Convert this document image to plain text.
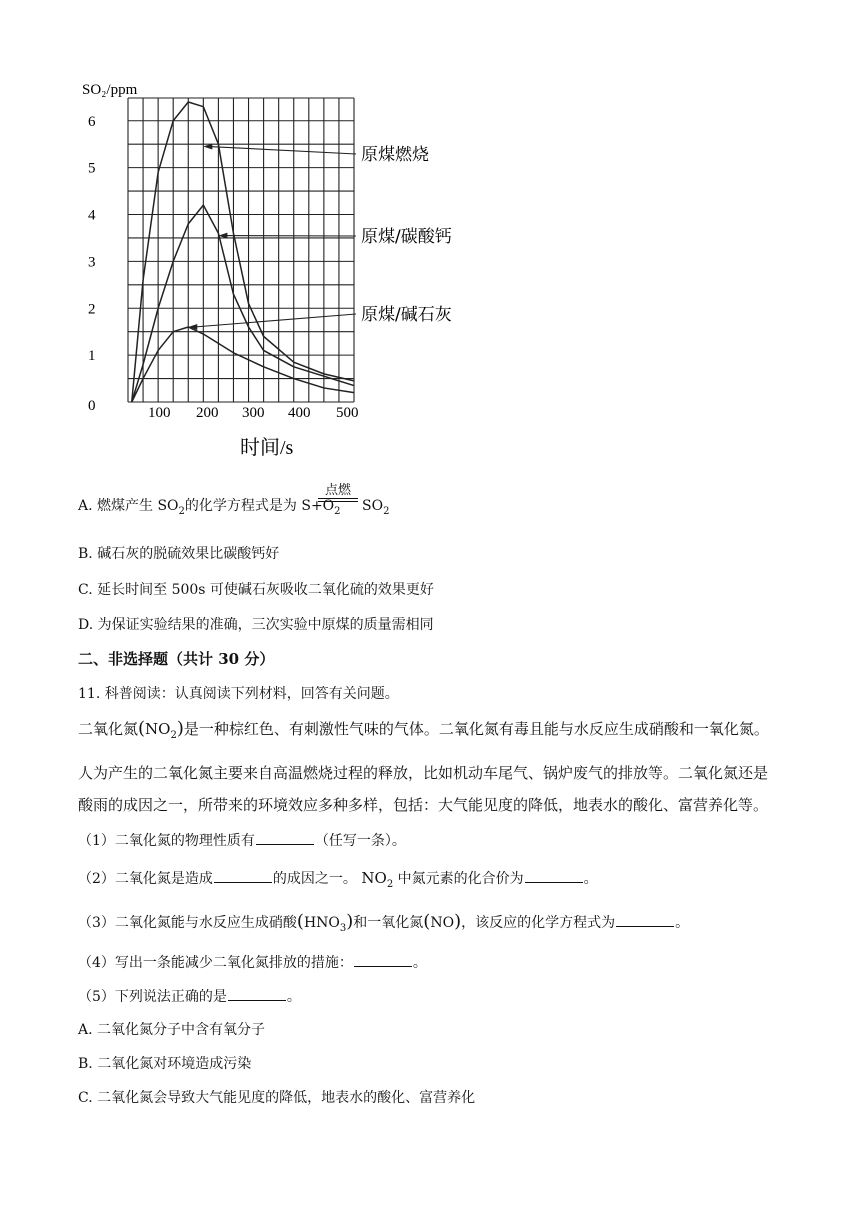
SO₂/ppm
1
2
3
4
5
6
100 200 300 400 500
0
原煤燃烧
原煤/碳酸钙
原煤/碱石灰
时间/s
A. 燃煤产生 $SO_2$的化学方程式是为 $S+O_2$
点燃
$SO_2$
B. 碱石灰的脱硫效果比碳酸钙好
C. 延长时间至 500s 可使碱石灰吸收二氧化硫的效果更好
D. 为保证实验结果的准确，三次实验中原煤的质量需相同
二、非选择题（共计 30 分）
11. 科普阅读：认真阅读下列材料，回答有关问题。
二氧化氮$(NO_2)$是一种棕红色、有刺激性气味的气体。二氧化氮有毒且能与水反应生成硝酸和一氧化氮。
人为产生的二氧化氮主要来自高温燃烧过程的释放，比如机动车尾气、锅炉废气的排放等。二氧化氮还是
酸雨的成因之一，所带来的环境效应多种多样，包括：大气能见度的降低，地表水的酸化、富营养化等。
（1）二氧化氮的物理性质有	（任写一条）。
（2）二氧化氮是造成	的成因之一。 $NO_2$ 中氮元素的化合价为	。
（3）二氧化氮能与水反应生成硝酸$(HNO_3)$和一氧化氮(NO)，该反应的化学方程式为	。
（4）写出一条能减少二氧化氮排放的措施：	。
（5）下列说法正确的是	。
A. 二氧化氮分子中含有氧分子
B. 二氧化氮对环境造成污染
C. 二氧化氮会导致大气能见度的降低，地表水的酸化、富营养化
